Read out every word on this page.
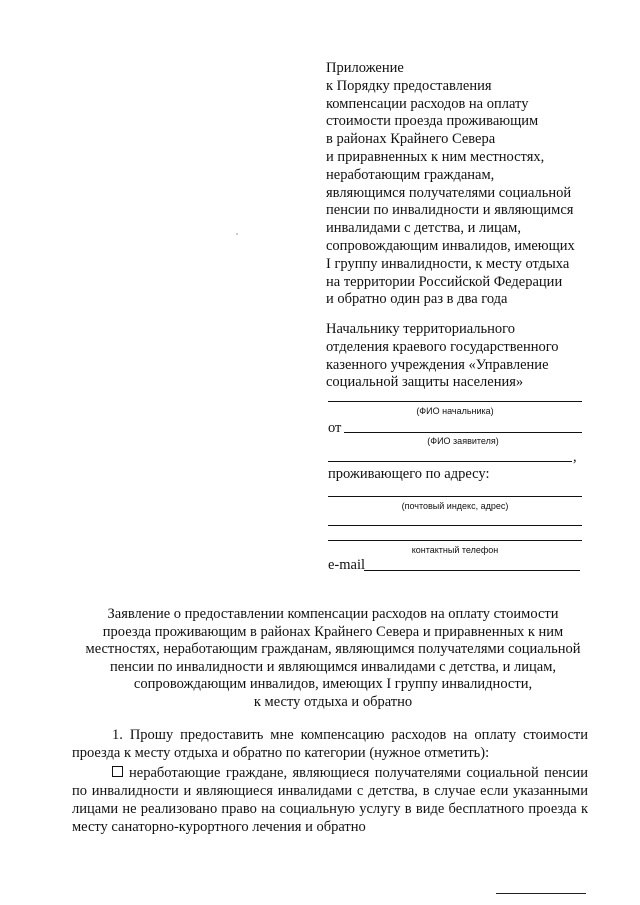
Приложение
к Порядку предоставления
компенсации расходов на оплату
стоимости проезда проживающим
в районах Крайнего Севера
и приравненных к ним местностях,
неработающим гражданам,
являющимся получателями социальной
пенсии по инвалидности и являющимся
инвалидами с детства, и лицам,
сопровождающим инвалидов, имеющих
I группу инвалидности, к месту отдыха
на территории Российской Федерации
и обратно один раз в два года
Начальнику территориального
отделения краевого государственного
казенного учреждения «Управление
социальной защиты населения»
(ФИО начальника)
от
(ФИО заявителя)
,
проживающего по адресу:
(почтовый индекс, адрес)
контактный телефон
e-mail
Заявление о предоставлении компенсации расходов на оплату стоимости
проезда проживающим в районах Крайнего Севера и приравненных к ним
местностях, неработающим гражданам, являющимся получателями социальной
пенсии по инвалидности и являющимся инвалидами с детства, и лицам,
сопровождающим инвалидов, имеющих I группу инвалидности,
к месту отдыха и обратно
1. Прошу предоставить мне компенсацию расходов на оплату стоимости проезда к месту отдыха и обратно по категории (нужное отметить):
неработающие граждане, являющиеся получателями социальной пенсии по инвалидности и являющиеся инвалидами с детства, в случае если указанными лицами не реализовано право на социальную услугу в виде бесплатного проезда к месту санаторно-курортного лечения и обратно
